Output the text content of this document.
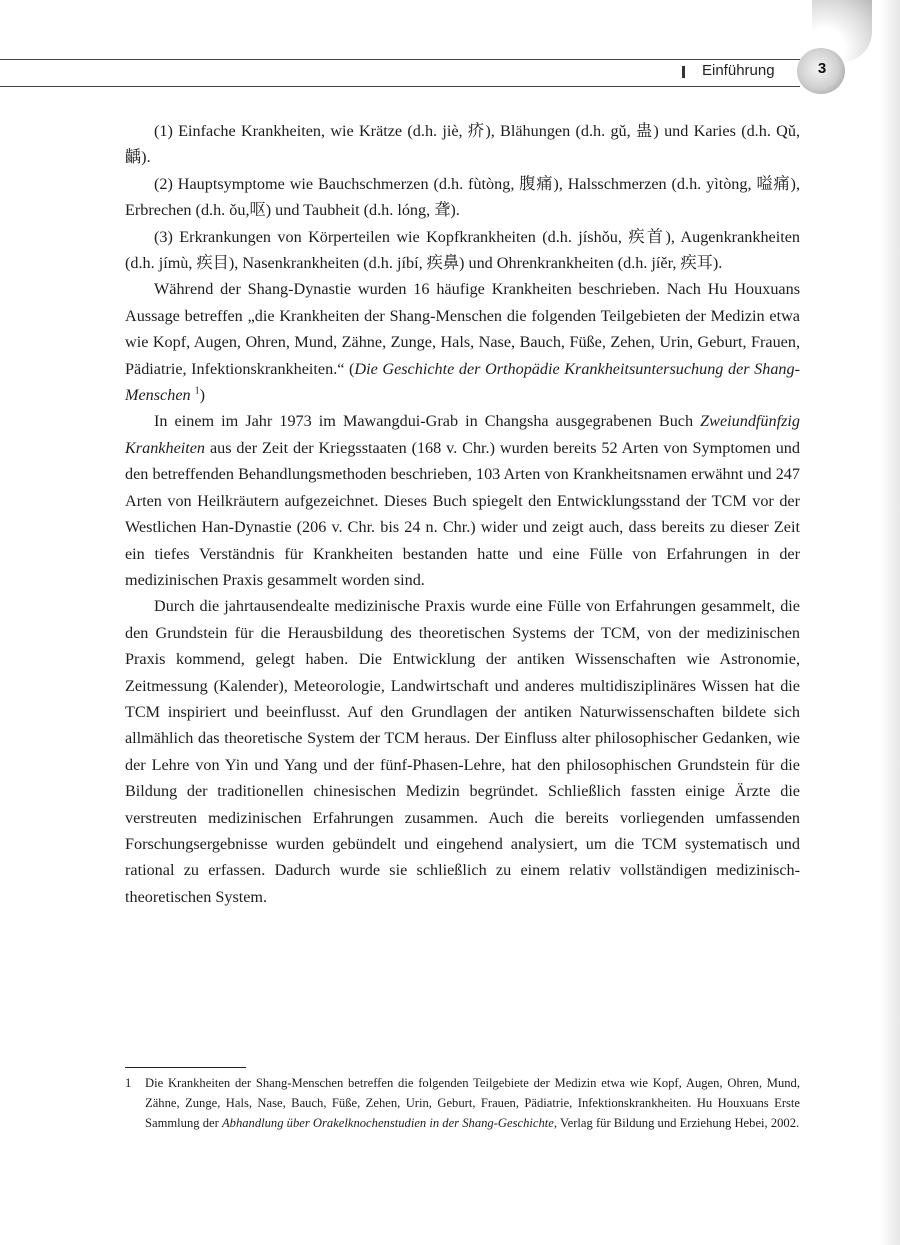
Einführung	3

(1) Einfache Krankheiten, wie Krätze (d.h. jiè, 疥), Blähungen (d.h. gǔ, 蛊) und Karies (d.h. Qǔ, 齲).

(2) Hauptsymptome wie Bauchschmerzen (d.h. fùtòng, 腹痛), Halsschmerzen (d.h. yìtòng, 嗌痛), Erbrechen (d.h. ǒu,呕) und Taubheit (d.h. lóng, 聋).

(3) Erkrankungen von Körperteilen wie Kopfkrankheiten (d.h. jíshǒu, 疾首), Augenkrankheiten (d.h. jímù, 疾目), Nasenkrankheiten (d.h. jíbí, 疾鼻) und Ohrenkrankheiten (d.h. jíěr, 疾耳).

Während der Shang-Dynastie wurden 16 häufige Krankheiten beschrieben. Nach Hu Houxuans Aussage betreffen „die Krankheiten der Shang-Menschen die folgenden Teilgebieten der Medizin etwa wie Kopf, Augen, Ohren, Mund, Zähne, Zunge, Hals, Nase, Bauch, Füße, Zehen, Urin, Geburt, Frauen, Pädiatrie, Infektionskrankheiten.“ (Die Geschichte der Orthopädie Krankheitsuntersuchung der Shang-Menschen $^1$)

In einem im Jahr 1973 im Mawangdui-Grab in Changsha ausgegrabenen Buch Zweiundfünfzig Krankheiten aus der Zeit der Kriegsstaaten (168 v. Chr.) wurden bereits 52 Arten von Symptomen und den betreffenden Behandlungsmethoden beschrieben, 103 Arten von Krankheitsnamen erwähnt und 247 Arten von Heilkräutern aufgezeichnet. Dieses Buch spiegelt den Entwicklungsstand der TCM vor der Westlichen Han-Dynastie (206 v. Chr. bis 24 n. Chr.) wider und zeigt auch, dass bereits zu dieser Zeit ein tiefes Verständnis für Krankheiten bestanden hatte und eine Fülle von Erfahrungen in der medizinischen Praxis gesammelt worden sind.

Durch die jahrtausendealte medizinische Praxis wurde eine Fülle von Erfahrungen gesammelt, die den Grundstein für die Herausbildung des theoretischen Systems der TCM, von der medizinischen Praxis kommend, gelegt haben. Die Entwicklung der antiken Wissenschaften wie Astronomie, Zeitmessung (Kalender), Meteorologie, Landwirtschaft und anderes multidisziplinäres Wissen hat die TCM inspiriert und beeinflusst. Auf den Grundlagen der antiken Naturwissenschaften bildete sich allmählich das theoretische System der TCM heraus. Der Einfluss alter philosophischer Gedanken, wie der Lehre von Yin und Yang und der fünf-Phasen-Lehre, hat den philosophischen Grundstein für die Bildung der traditionellen chinesischen Medizin begründet. Schließlich fassten einige Ärzte die verstreuten medizinischen Erfahrungen zusammen. Auch die bereits vorliegenden umfassenden Forschungsergebnisse wurden gebündelt und eingehend analysiert, um die TCM systematisch und rational zu erfassen. Dadurch wurde sie schließlich zu einem relativ vollständigen medizinisch-theoretischen System.

1 Die Krankheiten der Shang-Menschen betreffen die folgenden Teilgebiete der Medizin etwa wie Kopf, Augen, Ohren, Mund, Zähne, Zunge, Hals, Nase, Bauch, Füße, Zehen, Urin, Geburt, Frauen, Pädiatrie, Infektionskrankheiten. Hu Houxuans Erste Sammlung der Abhandlung über Orakelknochenstudien in der Shang-Geschichte, Verlag für Bildung und Erziehung Hebei, 2002.
